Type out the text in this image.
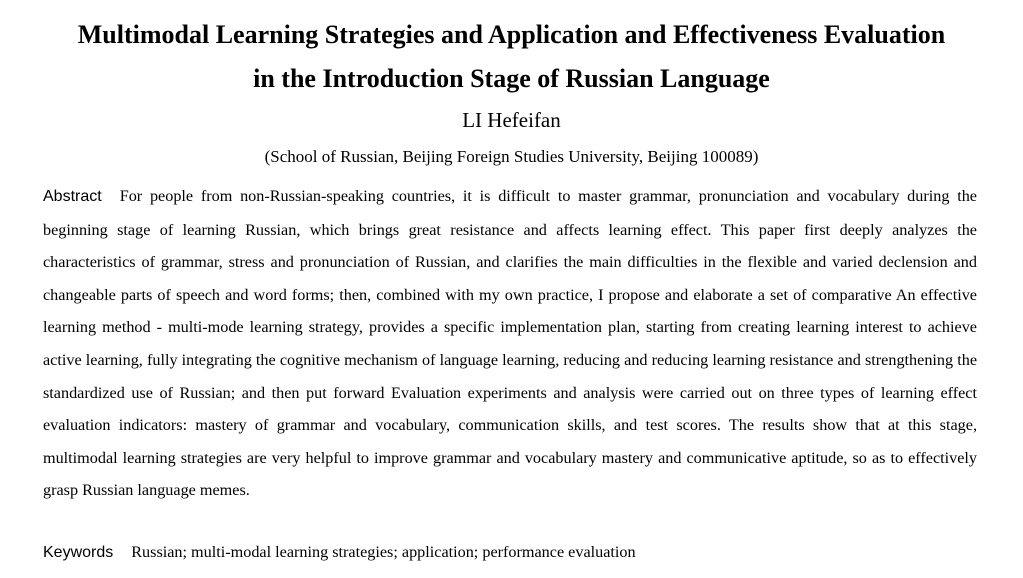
Multimodal Learning Strategies and Application and Effectiveness Evaluation
in the Introduction Stage of Russian Language
LI Hefeifan
(School of Russian, Beijing Foreign Studies University, Beijing 100089)
Abstract For people from non-Russian-speaking countries, it is difficult to master grammar, pronunciation and vocabulary during the beginning stage of learning Russian, which brings great resistance and affects learning effect. This paper first deeply analyzes the characteristics of grammar, stress and pronunciation of Russian, and clarifies the main difficulties in the flexible and varied declension and changeable parts of speech and word forms; then, combined with my own practice, I propose and elaborate a set of comparative An effective learning method - multi-mode learning strategy, provides a specific implementation plan, starting from creating learning interest to achieve active learning, fully integrating the cognitive mechanism of language learning, reducing and reducing learning resistance and strengthening the standardized use of Russian; and then put forward Evaluation experiments and analysis were carried out on three types of learning effect evaluation indicators: mastery of grammar and vocabulary, communication skills, and test scores. The results show that at this stage, multimodal learning strategies are very helpful to improve grammar and vocabulary mastery and communicative aptitude, so as to effectively grasp Russian language memes.
Keywords Russian; multi-modal learning strategies; application; performance evaluation
